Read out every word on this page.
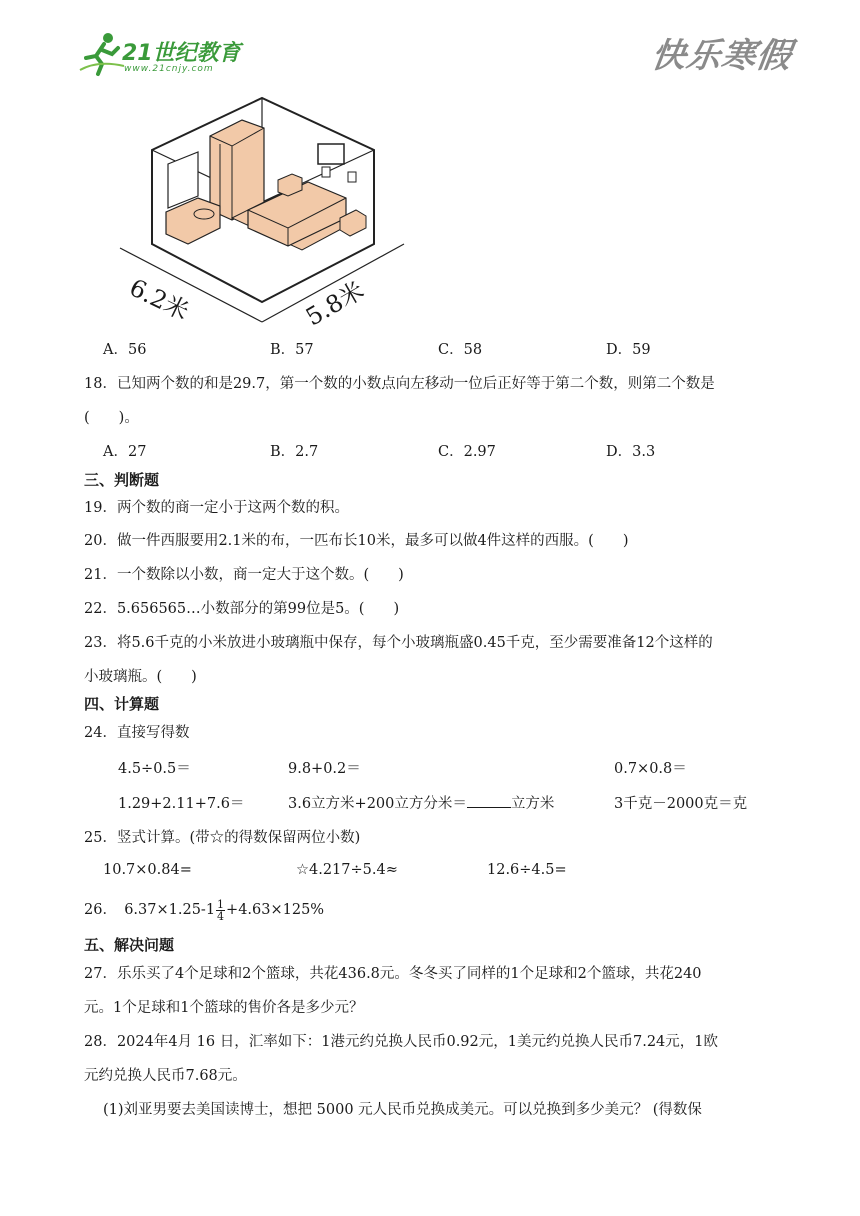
21世纪教育
www.21cnjy.com	快乐寒假
6.2米	5.8米
A．56	B．57	C．58	D．59
18．已知两个数的和是29.7，第一个数的小数点向左移动一位后正好等于第二个数，则第二个数是
(　　)。
A．27	B．2.7	C．2.97	D．3.3
三、判断题
19．两个数的商一定小于这两个数的积。
20．做一件西服要用2.1米的布，一匹布长10米，最多可以做4件这样的西服。(　　)
21．一个数除以小数，商一定大于这个数。(　　)
22．5.656565…小数部分的第99位是5。(　　)
23．将5.6千克的小米放进小玻璃瓶中保存，每个小玻璃瓶盛0.45千克，至少需要准备12个这样的
小玻璃瓶。(　　)
四、计算题
24．直接写得数
4.5÷0.5＝	9.8+0.2＝	0.7×0.8＝
1.29+2.11+7.6＝	3.6立方米+200立方分米＝	立方米	3千克－2000克＝克
25．竖式计算。(带☆的得数保留两位小数)
10.7×0.84=	☆4.217÷5.4≈	12.6÷4.5=
26．　$6.37\times 1.25-1 \frac{1}{4} +4.63\times 125\%$
五、解决问题
27．乐乐买了4个足球和2个篮球，共花436.8元。冬冬买了同样的1个足球和2个篮球，共花240
元。1个足球和1个篮球的售价各是多少元？
28．2024年4月 16 日，汇率如下：1港元约兑换人民币0.92元，1美元约兑换人民币7.24元，1欧
元约兑换人民币7.68元。
(1)刘亚男要去美国读博士，想把 5000 元人民币兑换成美元。可以兑换到多少美元？ (得数保
